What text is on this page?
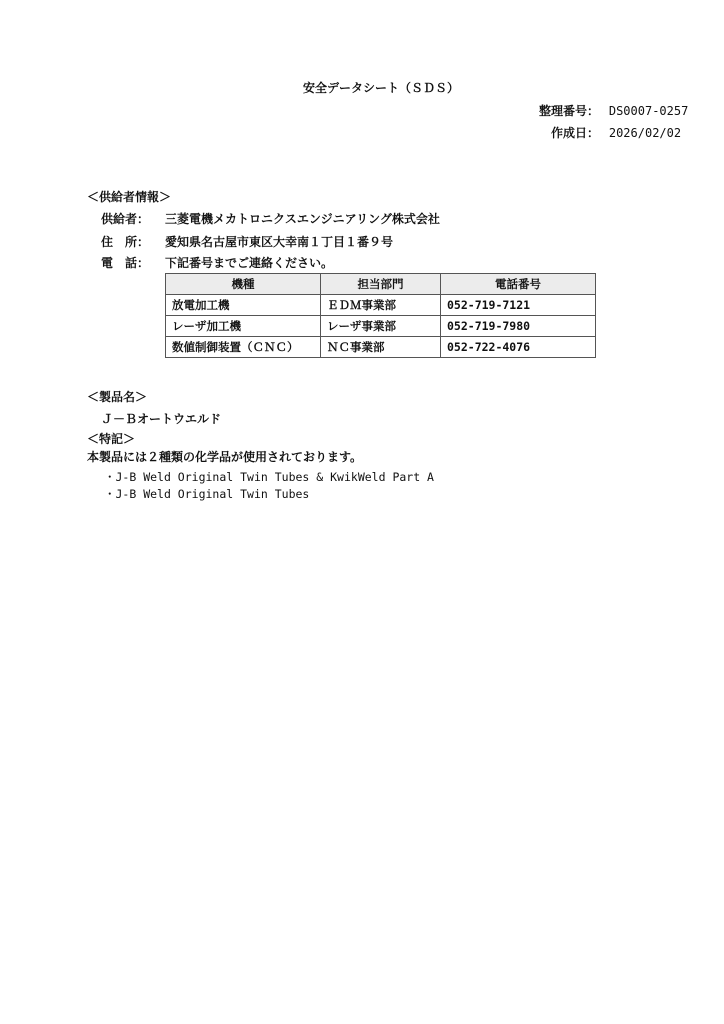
安全データシート（ＳＤＳ）
整理番号： DS0007-0257
作成日： 2026/02/02
＜供給者情報＞
供給者： 三菱電機メカトロニクスエンジニアリング株式会社
住　所： 愛知県名古屋市東区大幸南１丁目１番９号
電　話： 下記番号までご連絡ください。
機種	担当部門	電話番号
放電加工機	ＥＤＭ事業部	052-719-7121
レーザ加工機	レーザ事業部	052-719-7980
数値制御装置（ＣＮＣ）	ＮＣ事業部	052-722-4076
＜製品名＞
Ｊ－Ｂオートウエルド
＜特記＞
本製品には２種類の化学品が使用されております。
・J-B Weld Original Twin Tubes & KwikWeld Part A
・J-B Weld Original Twin Tubes
